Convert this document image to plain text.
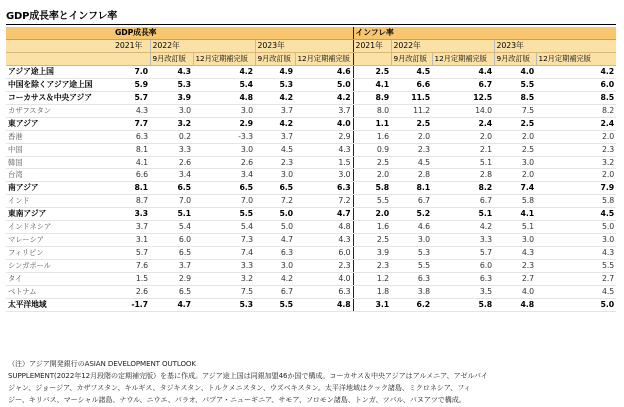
GDP成長率とインフレ率
	GDP成長率					インフレ率				
	2021年	2022年		2023年		2021年	2022年		2023年	
		9月改訂版	12月定期補完版	9月改訂版	12月定期補完版		9月改訂版	12月定期補完版	9月改訂版	12月定期補完版
アジア途上国	7.0	4.3	4.2	4.9	4.6	2.5	4.5	4.4	4.0	4.2
中国を除くアジア途上国	5.9	5.3	5.4	5.3	5.0	4.1	6.6	6.7	5.5	6.0
コーカサス＆中央アジア	5.7	3.9	4.8	4.2	4.2	8.9	11.5	12.5	8.5	8.5
カザフスタン	4.3	3.0	3.0	3.7	3.7	8.0	11.2	14.0	7.5	8.2
東アジア	7.7	3.2	2.9	4.2	4.0	1.1	2.5	2.4	2.5	2.4
香港	6.3	0.2	-3.3	3.7	2.9	1.6	2.0	2.0	2.0	2.0
中国	8.1	3.3	3.0	4.5	4.3	0.9	2.3	2.1	2.5	2.3
韓国	4.1	2.6	2.6	2.3	1.5	2.5	4.5	5.1	3.0	3.2
台湾	6.6	3.4	3.4	3.0	3.0	2.0	2.8	2.8	2.0	2.0
南アジア	8.1	6.5	6.5	6.5	6.3	5.8	8.1	8.2	7.4	7.9
インド	8.7	7.0	7.0	7.2	7.2	5.5	6.7	6.7	5.8	5.8
東南アジア	3.3	5.1	5.5	5.0	4.7	2.0	5.2	5.1	4.1	4.5
インドネシア	3.7	5.4	5.4	5.0	4.8	1.6	4.6	4.2	5.1	5.0
マレーシア	3.1	6.0	7.3	4.7	4.3	2.5	3.0	3.3	3.0	3.0
フィリピン	5.7	6.5	7.4	6.3	6.0	3.9	5.3	5.7	4.3	4.3
シンガポール	7.6	3.7	3.3	3.0	2.3	2.3	5.5	6.0	2.3	5.5
タイ	1.5	2.9	3.2	4.2	4.0	1.2	6.3	6.3	2.7	2.7
ベトナム	2.6	6.5	7.5	6.7	6.3	1.8	3.8	3.5	4.0	4.5
太平洋地域	-1.7	4.7	5.3	5.5	4.8	3.1	6.2	5.8	4.8	5.0
（注）アジア開発銀行のASIAN DEVELOPMENT OUTLOOK
SUPPLEMENT(2022年12月段階の定期補完版）を基に作成。アジア途上国は同銀加盟46か国で構成。コーカサス＆中央アジアはアルメニア、アゼルバイ
ジャン、ジョージア、カザフスタン、キルギス、タジキスタン、トルクメニスタン、ウズベキスタン。太平洋地域はクック諸島、ミクロネシア、フィ
ジー、キリバス、マーシャル諸島、ナウル、ニウエ、パラオ、パプア・ニューギニア、サモア、ソロモン諸島、トンガ、ツバル、バヌアツで構成。
